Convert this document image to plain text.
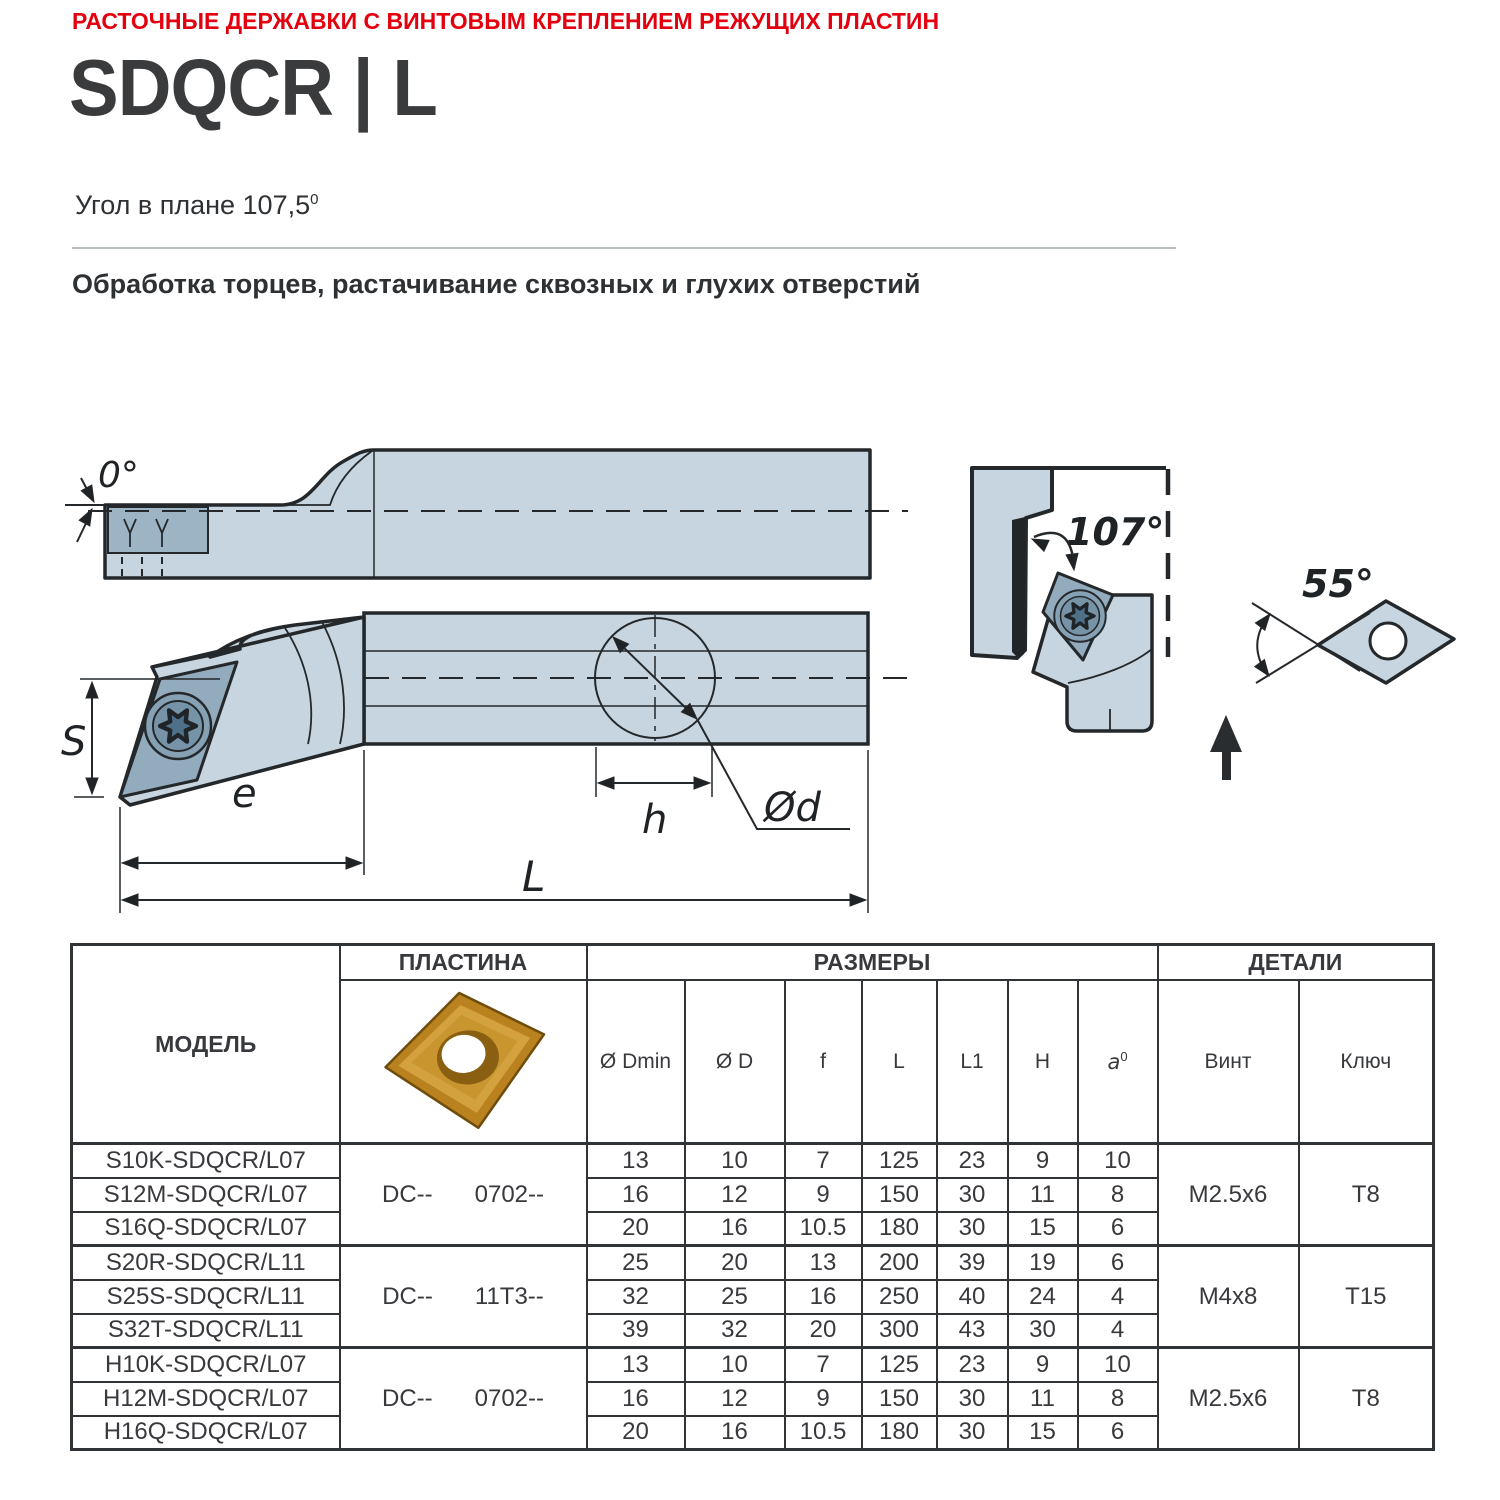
РАСТОЧНЫЕ ДЕРЖАВКИ С ВИНТОВЫМ КРЕПЛЕНИЕМ РЕЖУЩИХ ПЛАСТИН
SDQCR | L
Угол в плане 107,5$^0$
Обработка торцев, растачивание сквозных и глухих отверстий
0°
S
e
L
Ød
h
107°
55°
МОДЕЛЬ	ПЛАСТИНА	РАЗМЕРЫ							ДЕТАЛИ	

		Ø Dmin	Ø D	f	L	L1	H	$a^0$	Винт	Ключ
S10K-SDQCR/L07	DC-- 0702--	13	10	7	125	23	9	10	M2.5x6	T8
S12M-SDQCR/L07		16	12	9	150	30	11	8		
S16Q-SDQCR/L07		20	16	10.5	180	30	15	6		
S20R-SDQCR/L11	DC-- 11T3--	25	20	13	200	39	19	6	M4x8	T15
S25S-SDQCR/L11		32	25	16	250	40	24	4		
S32T-SDQCR/L11		39	32	20	300	43	30	4		
H10K-SDQCR/L07	DC-- 0702--	13	10	7	125	23	9	10	M2.5x6	T8
H12M-SDQCR/L07		16	12	9	150	30	11	8		
H16Q-SDQCR/L07		20	16	10.5	180	30	15	6		
